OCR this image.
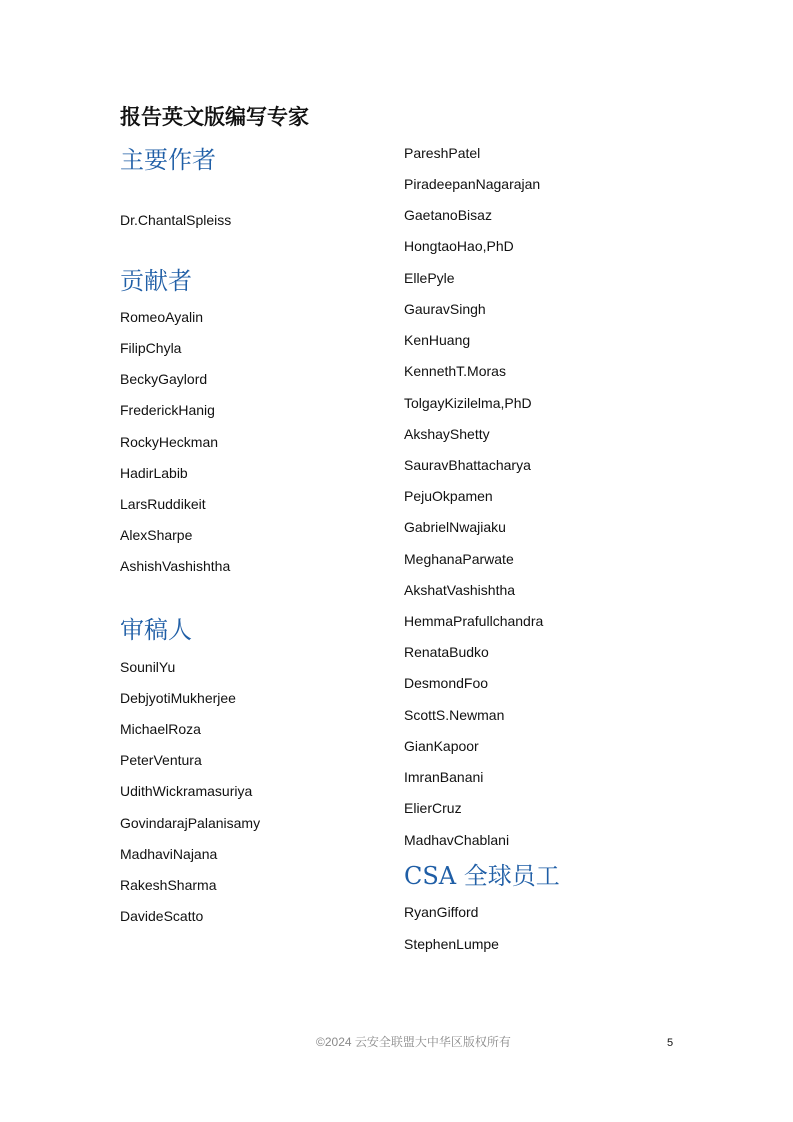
报告英文版编写专家
主要作者
Dr.ChantalSpleiss
贡献者
RomeoAyalin
FilipChyla
BeckyGaylord
FrederickHanig
RockyHeckman
HadirLabib
LarsRuddikeit
AlexSharpe
AshishVashishtha
审稿人
SounilYu
DebjyotiMukherjee
MichaelRoza
PeterVentura
UdithWickramasuriya
GovindarajPalanisamy
MadhaviNajana
RakeshSharma
DavideScatto
PareshPatel
PiradeepanNagarajan
GaetanoBisaz
HongtaoHao,PhD
EllePyle
GauravSingh
KenHuang
KennethT.Moras
TolgayKizilelma,PhD
AkshayShetty
SauravBhattacharya
PejuOkpamen
GabrielNwajiaku
MeghanaParwate
AkshatVashishtha
HemmaPrafullchandra
RenataBudko
DesmondFoo
ScottS.Newman
GianKapoor
ImranBanani
ElierCruz
MadhavChablani
CSA 全球员工
RyanGifford
StephenLumpe
©2024 云安全联盟大中华区版权所有	5
